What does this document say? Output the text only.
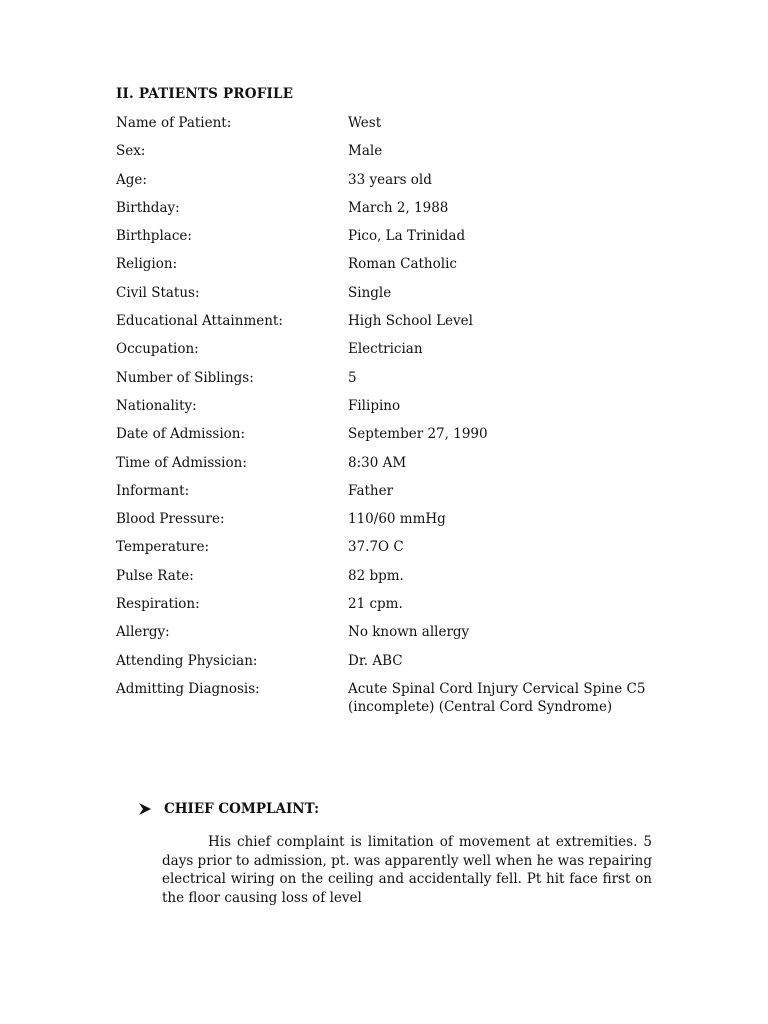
II. PATIENTS PROFILE
Name of Patient:	West
Sex:	Male
Age:	33 years old
Birthday:	March 2, 1988
Birthplace:	Pico, La Trinidad
Religion:	Roman Catholic
Civil Status:	Single
Educational Attainment:	High School Level
Occupation:	Electrician
Number of Siblings:	5
Nationality:	Filipino
Date of Admission:	September 27, 1990
Time of Admission:	8:30 AM
Informant:	Father
Blood Pressure:	110/60 mmHg
Temperature:	37.7O C
Pulse Rate:	82 bpm.
Respiration:	21 cpm.
Allergy:	No known allergy
Attending Physician:	Dr. ABC
Admitting Diagnosis:	Acute Spinal Cord Injury Cervical Spine C5 (incomplete) (Central Cord Syndrome)
CHIEF COMPLAINT:

His chief complaint is limitation of movement at extremities. 5 days prior to admission, pt. was apparently well when he was repairing electrical wiring on the ceiling and accidentally fell. Pt hit face first on the floor causing loss of level
